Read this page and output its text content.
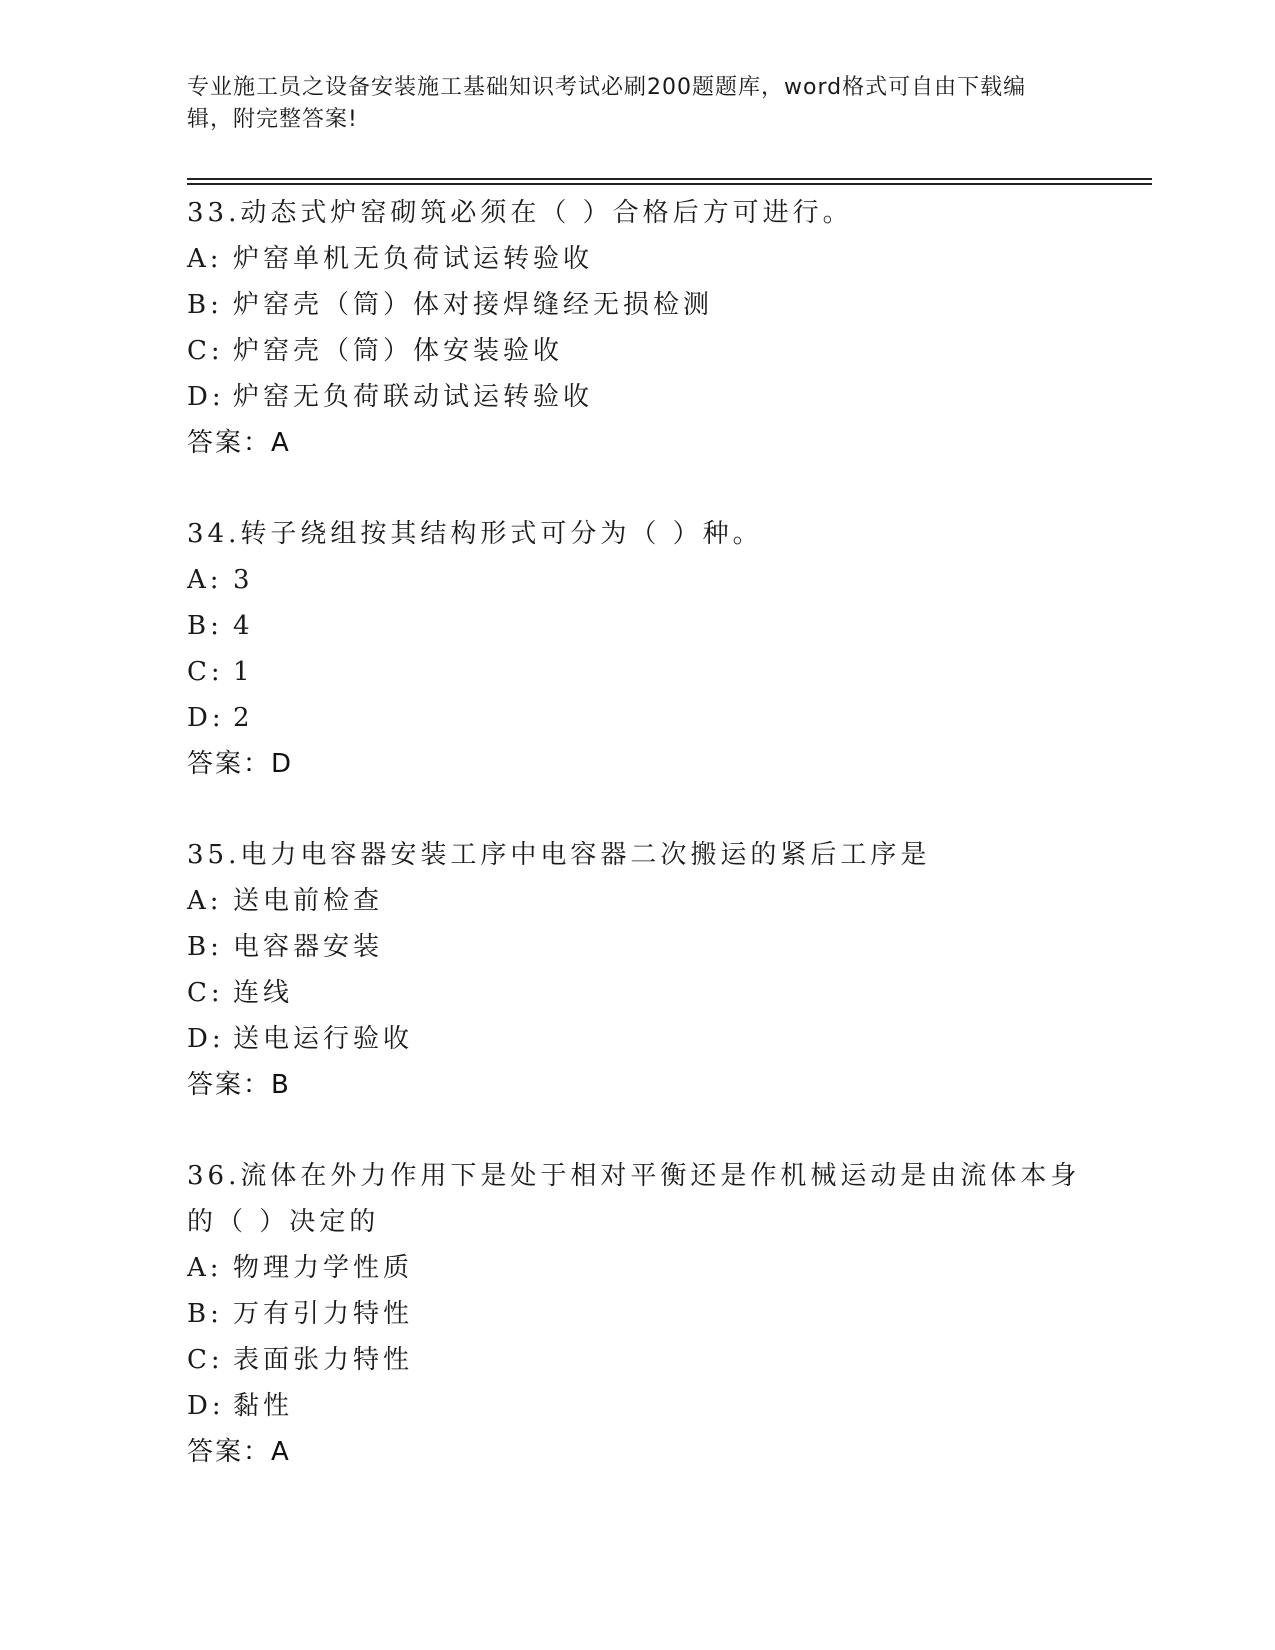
专业施工员之设备安装施工基础知识考试必刷200题题库，word格式可自由下载编辑，附完整答案!
33.动态式炉窑砌筑必须在（ ）合格后方可进行。
A: 炉窑单机无负荷试运转验收
B: 炉窑壳（筒）体对接焊缝经无损检测
C: 炉窑壳（筒）体安装验收
D: 炉窑无负荷联动试运转验收
答案：A
34.转子绕组按其结构形式可分为（ ）种。
A: 3
B: 4
C: 1
D: 2
答案：D
35.电力电容器安装工序中电容器二次搬运的紧后工序是
A: 送电前检查
B: 电容器安装
C: 连线
D: 送电运行验收
答案：B
36.流体在外力作用下是处于相对平衡还是作机械运动是由流体本身的（ ）决定的
A: 物理力学性质
B: 万有引力特性
C: 表面张力特性
D: 黏性
答案：A
